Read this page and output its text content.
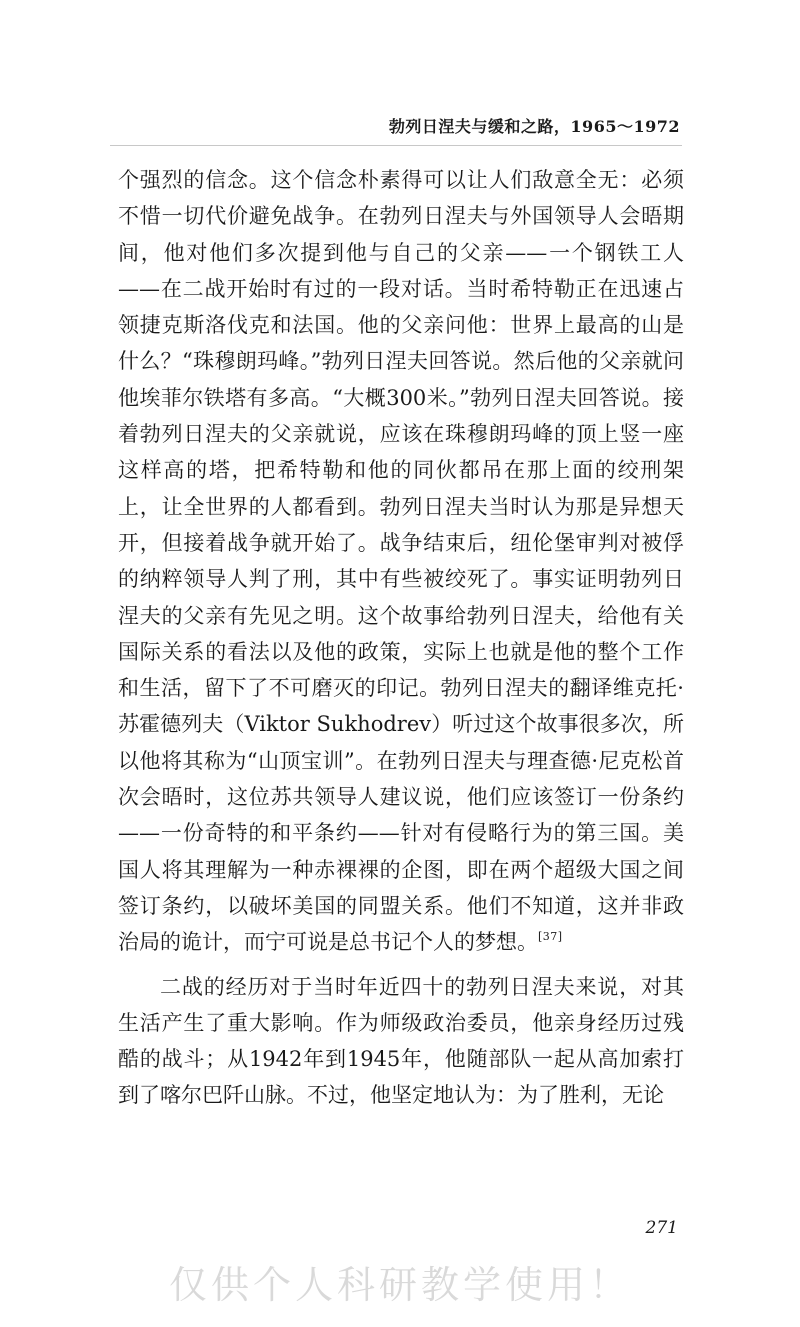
勃列日涅夫与缓和之路，1965～1972

个强烈的信念。这个信念朴素得可以让人们敌意全无：必须不惜一切代价避免战争。在勃列日涅夫与外国领导人会晤期间，他对他们多次提到他与自己的父亲——一个钢铁工人——在二战开始时有过的一段对话。当时希特勒正在迅速占领捷克斯洛伐克和法国。他的父亲问他：世界上最高的山是什么？“珠穆朗玛峰。”勃列日涅夫回答说。然后他的父亲就问他埃菲尔铁塔有多高。“大概300米。”勃列日涅夫回答说。接着勃列日涅夫的父亲就说，应该在珠穆朗玛峰的顶上竖一座这样高的塔，把希特勒和他的同伙都吊在那上面的绞刑架上，让全世界的人都看到。勃列日涅夫当时认为那是异想天开，但接着战争就开始了。战争结束后，纽伦堡审判对被俘的纳粹领导人判了刑，其中有些被绞死了。事实证明勃列日涅夫的父亲有先见之明。这个故事给勃列日涅夫，给他有关国际关系的看法以及他的政策，实际上也就是他的整个工作和生活，留下了不可磨灭的印记。勃列日涅夫的翻译维克托·苏霍德列夫（Viktor Sukhodrev）听过这个故事很多次，所以他将其称为“山顶宝训”。在勃列日涅夫与理查德·尼克松首次会晤时，这位苏共领导人建议说，他们应该签订一份条约——一份奇特的和平条约——针对有侵略行为的第三国。美国人将其理解为一种赤裸裸的企图，即在两个超级大国之间签订条约，以破坏美国的同盟关系。他们不知道，这并非政治局的诡计，而宁可说是总书记个人的梦想。[37]

二战的经历对于当时年近四十的勃列日涅夫来说，对其生活产生了重大影响。作为师级政治委员，他亲身经历过残酷的战斗；从1942年到1945年，他随部队一起从高加索打到了喀尔巴阡山脉。不过，他坚定地认为：为了胜利，无论

271
仅供个人科研教学使用！
